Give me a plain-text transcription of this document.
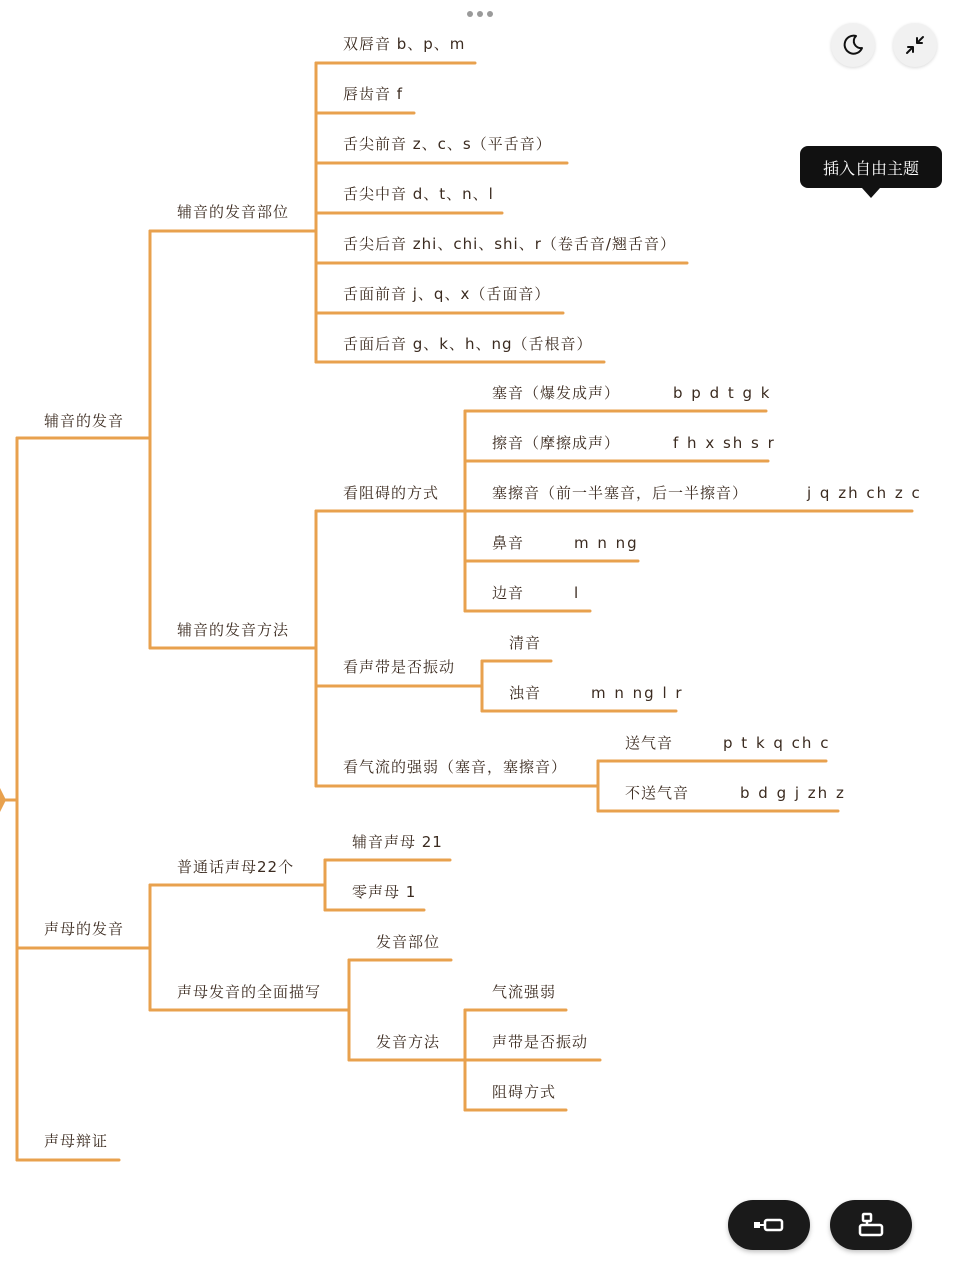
插入自由主题
辅音的发音
辅音的发音部位
双唇音 b、p、m
唇齿音 f
舌尖前音 z、c、s（平舌音）
舌尖中音 d、t、n、l
舌尖后音 zhi、chi、shi、r（卷舌音/翘舌音）
舌面前音 j、q、x（舌面音）
舌面后音 g、k、h、ng（舌根音）
辅音的发音方法
看阻碍的方式
塞音（爆发成声）	b p d t g k
擦音（摩擦成声）	f h x sh s r
塞擦音（前一半塞音，后一半擦音）	j q zh ch z c
鼻音	m n ng
边音	l
看声带是否振动
清音
浊音	m n ng l r
看气流的强弱（塞音，塞擦音）
送气音	p t k q ch c
不送气音	b d g j zh z
声母的发音
普通话声母22个
辅音声母 21
零声母 1
声母发音的全面描写
发音部位
发音方法
气流强弱
声带是否振动
阻碍方式
声母辩证
